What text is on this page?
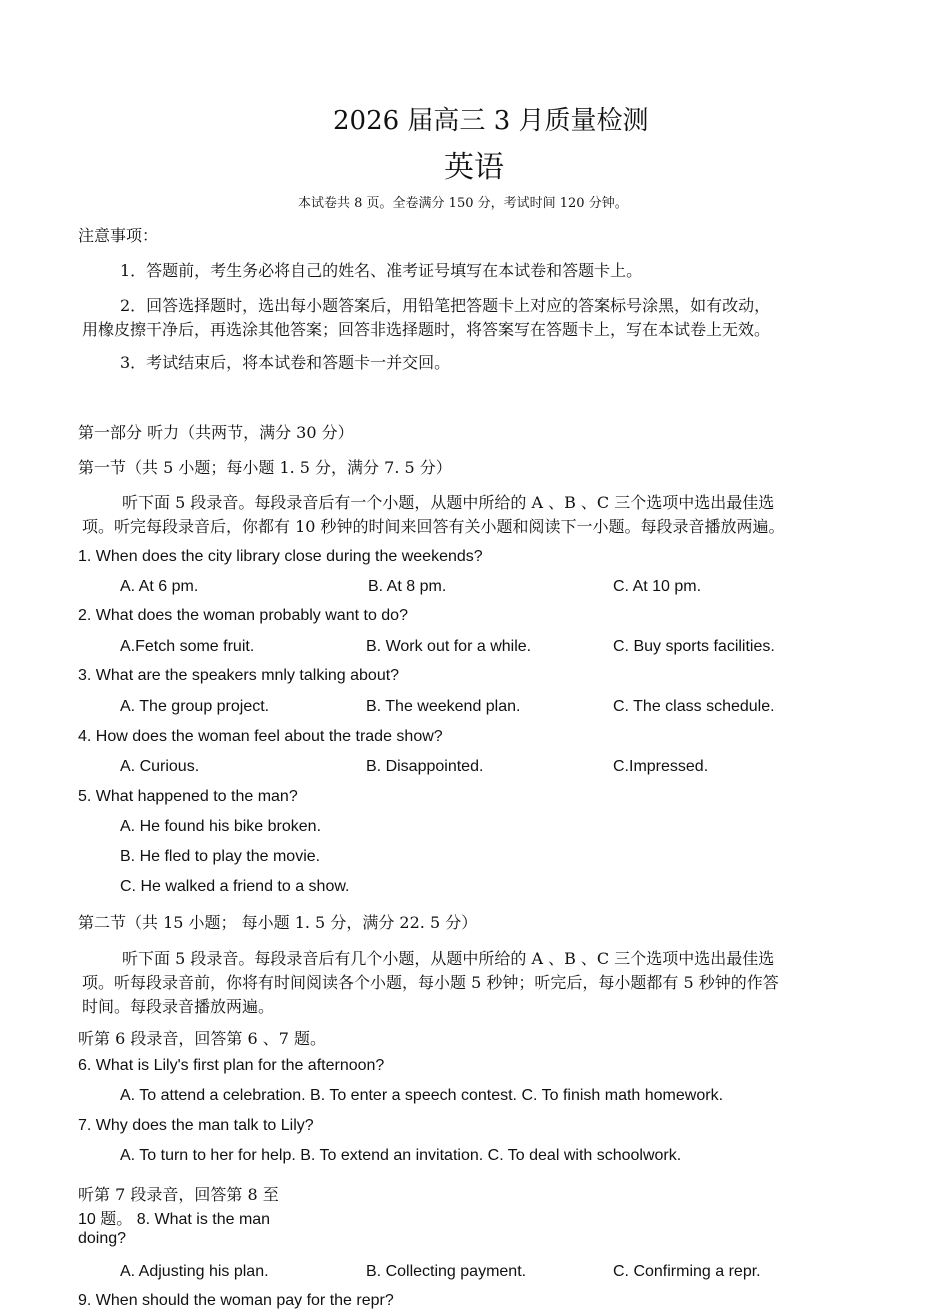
2026 届高三 3 月质量检测
英语
本试卷共 8 页。全卷满分 150 分，考试时间 120 分钟。
注意事项：
1．答题前，考生务必将自己的姓名、准考证号填写在本试卷和答题卡上。
2．回答选择题时，选出每小题答案后，用铅笔把答题卡上对应的答案标号涂黑，如有改动，
用橡皮擦干净后，再选涂其他答案；回答非选择题时，将答案写在答题卡上，写在本试卷上无效。
3．考试结束后，将本试卷和答题卡一并交回。
第一部分 听力（共两节，满分 30 分）
第一节（共 5 小题；每小题 1. 5 分，满分 7. 5 分）
听下面 5 段录音。每段录音后有一个小题，从题中所给的 A 、B 、C 三个选项中选出最佳选
项。听完每段录音后，你都有 10 秒钟的时间来回答有关小题和阅读下一小题。每段录音播放两遍。
1. When does the city library close during the weekends?
A. At 6 pm.	B. At 8 pm.	C. At 10 pm.
2. What does the woman probably want to do?
A.Fetch some fruit.	B. Work out for a while.	C. Buy sports facilities.
3. What are the speakers mnly talking about?
A. The group project.	B. The weekend plan.	C. The class schedule.
4. How does the woman feel about the trade show?
A. Curious.	B. Disappointed.	C.Impressed.
5. What happened to the man?
A. He found his bike broken.
B. He fled to play the movie.
C. He walked a friend to a show.
第二节（共 15 小题； 每小题 1. 5 分，满分 22. 5 分）
听下面 5 段录音。每段录音后有几个小题，从题中所给的 A 、B 、C 三个选项中选出最佳选
项。听每段录音前，你将有时间阅读各个小题，每小题 5 秒钟；听完后，每小题都有 5 秒钟的作答
时间。每段录音播放两遍。
听第 6 段录音，回答第 6 、7 题。
6. What is Lily's first plan for the afternoon?
A. To attend a celebration. B. To enter a speech contest. C. To finish math homework.
7. Why does the man talk to Lily?
A. To turn to her for help. B. To extend an invitation. C. To deal with schoolwork.
听第 7 段录音，回答第 8 至
10 题。 8. What is the man
doing?
A. Adjusting his plan.	B. Collecting payment.	C. Confirming a repr.
9. When should the woman pay for the repr?
